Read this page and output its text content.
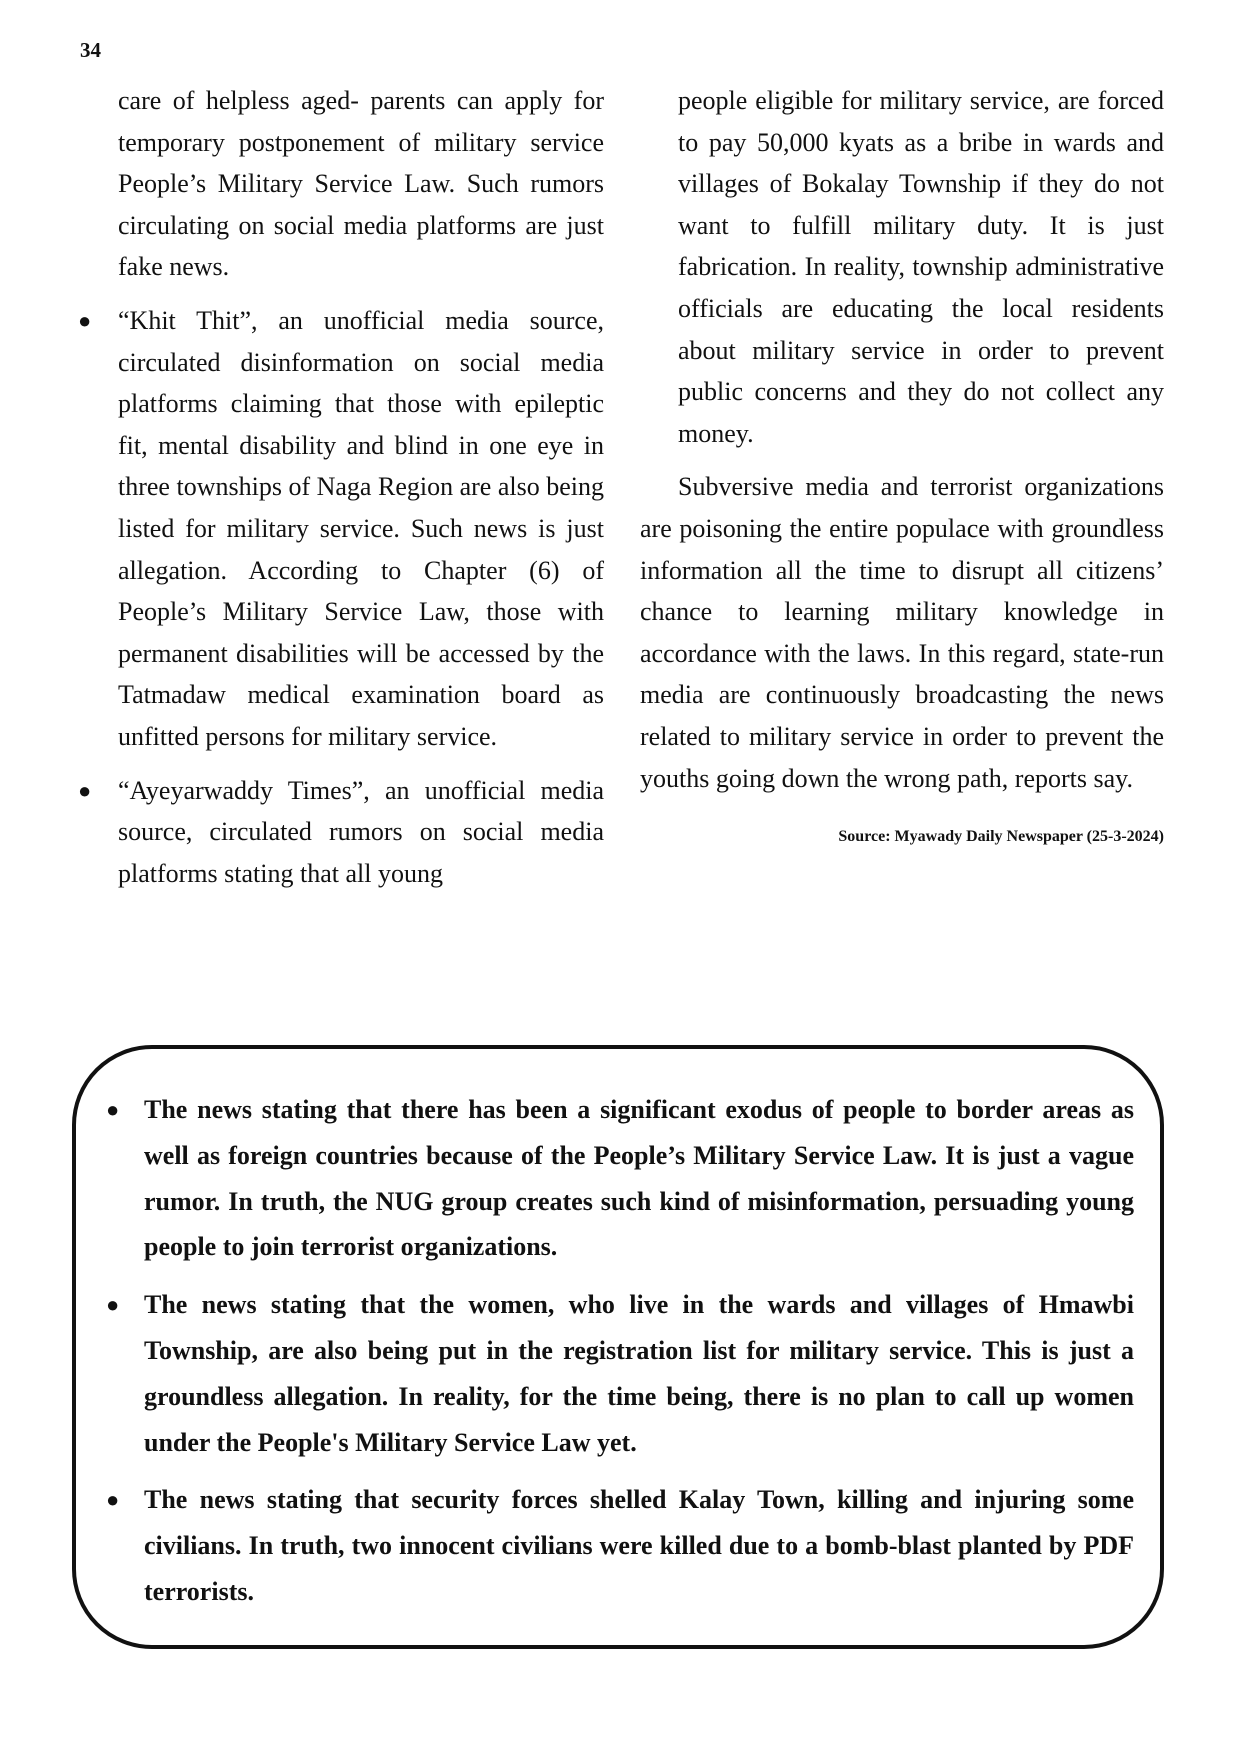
34

care of helpless aged- parents can apply for temporary postponement of military service People’s Military Service Law. Such rumors circulating on social media platforms are just fake news.

● “Khit Thit”, an unofficial media source, circulated disinformation on social media platforms claiming that those with epileptic fit, mental disability and blind in one eye in three townships of Naga Region are also being listed for military service. Such news is just allegation. According to Chapter (6) of People’s Military Service Law, those with permanent disabilities will be accessed by the Tatmadaw medical examination board as unfitted persons for military service.
● “Ayeyarwaddy Times”, an unofficial media source, circulated rumors on social media platforms stating that all young

people eligible for military service, are forced to pay 50,000 kyats as a bribe in wards and villages of Bokalay Township if they do not want to fulfill military duty. It is just fabrication. In reality, township administrative officials are educating the local residents about military service in order to prevent public concerns and they do not collect any money.

Subversive media and terrorist organizations are poisoning the entire populace with groundless information all the time to disrupt all citizens’ chance to learning military knowledge in accordance with the laws. In this regard, state-run media are continuously broadcasting the news related to military service in order to prevent the youths going down the wrong path, reports say.

Source: Myawady Daily Newspaper (25-3-2024)

● The news stating that there has been a significant exodus of people to border areas as well as foreign countries because of the People’s Military Service Law. It is just a vague rumor. In truth, the NUG group creates such kind of misinformation, persuading young people to join terrorist organizations.
● The news stating that the women, who live in the wards and villages of Hmawbi Township, are also being put in the registration list for military service. This is just a groundless allegation. In reality, for the time being, there is no plan to call up women under the People's Military Service Law yet.
● The news stating that security forces shelled Kalay Town, killing and injuring some civilians. In truth, two innocent civilians were killed due to a bomb-blast planted by PDF terrorists.
